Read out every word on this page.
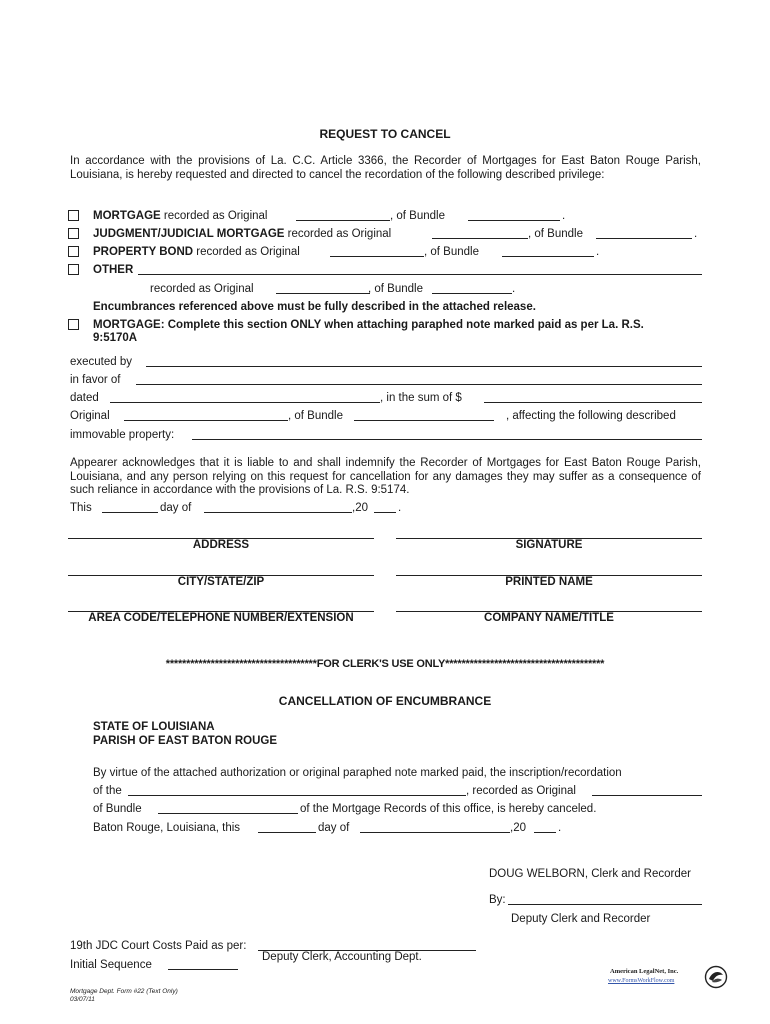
REQUEST TO CANCEL
In accordance with the provisions of La. C.C. Article 3366, the Recorder of Mortgages for East Baton Rouge Parish, Louisiana, is hereby requested and directed to cancel the recordation of the following described privilege:
MORTGAGE recorded as Original	, of Bundle	.
JUDGMENT/JUDICIAL MORTGAGE recorded as Original	, of Bundle	.
PROPERTY BOND recorded as Original	, of Bundle	.
OTHER
recorded as Original	, of Bundle	.
Encumbrances referenced above must be fully described in the attached release.
MORTGAGE: Complete this section ONLY when attaching paraphed note marked paid as per La. R.S.
9:5170A
executed by
in favor of
dated	, in the sum of $
Original	, of Bundle	, affecting the following described
immovable property:
Appearer acknowledges that it is liable to and shall indemnify the Recorder of Mortgages for East Baton Rouge Parish, Louisiana, and any person relying on this request for cancellation for any damages they may suffer as a consequence of such reliance in accordance with the provisions of La. R.S. 9:5174.
This	day of	,20	.
ADDRESS	SIGNATURE
CITY/STATE/ZIP	PRINTED NAME
AREA CODE/TELEPHONE NUMBER/EXTENSION	COMPANY NAME/TITLE
*************************************FOR CLERK'S USE ONLY***************************************
CANCELLATION OF ENCUMBRANCE
STATE OF LOUISIANA
PARISH OF EAST BATON ROUGE
By virtue of the attached authorization or original paraphed note marked paid, the inscription/recordation
of the	, recorded as Original
of Bundle	of the Mortgage Records of this office, is hereby canceled.
Baton Rouge, Louisiana, this	day of	,20	.
DOUG WELBORN, Clerk and Recorder
By:
Deputy Clerk and Recorder
19th JDC Court Costs Paid as per:
Deputy Clerk, Accounting Dept.
Initial Sequence
American LegalNet, Inc.
www.FormsWorkFlow.com
Mortgage Dept. Form #22 (Text Only)
03/07/11
